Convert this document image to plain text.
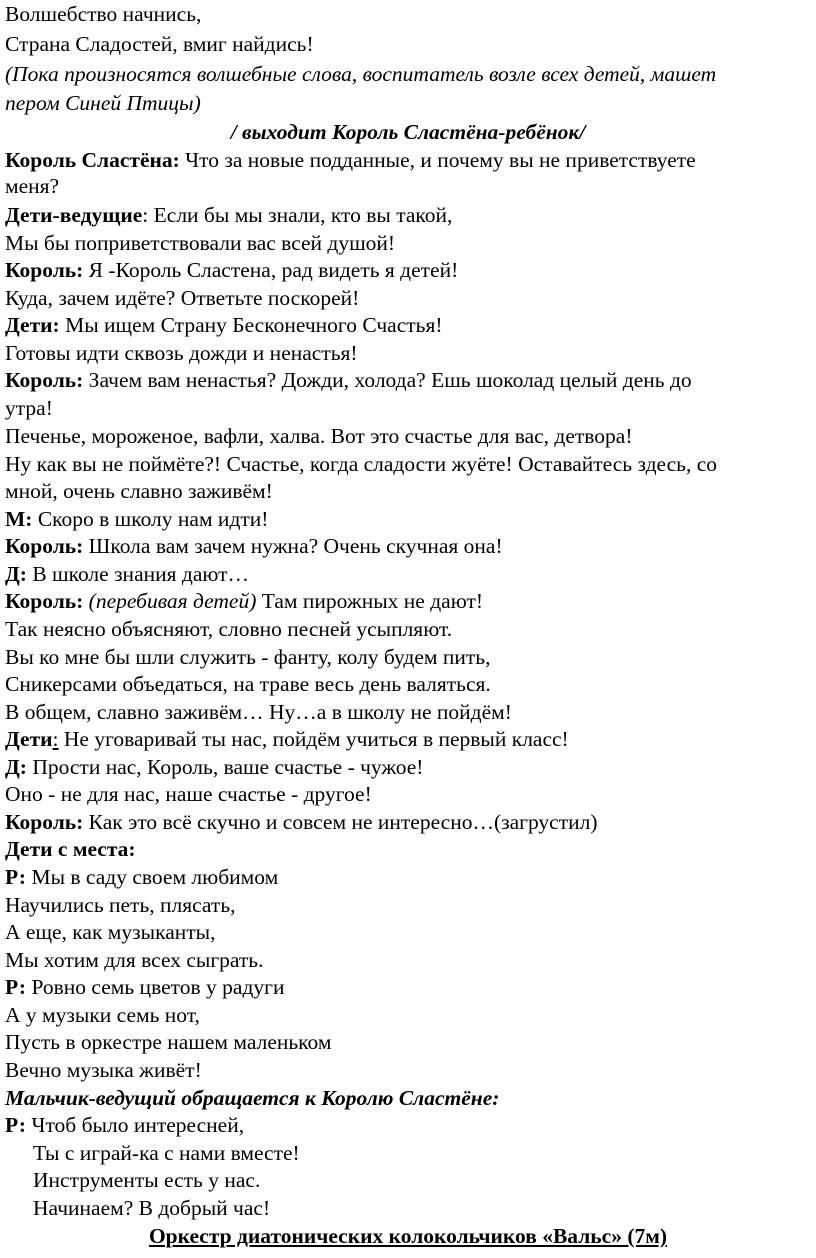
Волшебство начнись,
Страна Сладостей, вмиг найдись!
(Пока произносятся волшебные слова, воспитатель возле всех детей, машет
пером Синей Птицы)
/ выходит Король Сластёна-ребёнок/
Король Сластёна: Что за новые подданные, и почему вы не приветствуете
меня?
Дети-ведущие: Если бы мы знали, кто вы такой,
Мы бы поприветствовали вас всей душой!
Король: Я -Король Сластена, рад видеть я детей!
Куда, зачем идёте? Ответьте поскорей!
Дети: Мы ищем Страну Бесконечного Счастья!
Готовы идти сквозь дожди и ненастья!
Король: Зачем вам ненастья? Дожди, холода? Ешь шоколад целый день до
утра!
Печенье, мороженое, вафли, халва. Вот это счастье для вас, детвора!
Ну как вы не поймёте?! Счастье, когда сладости жуёте! Оставайтесь здесь, со
мной, очень славно заживём!
М: Скоро в школу нам идти!
Король: Школа вам зачем нужна? Очень скучная она!
Д: В школе знания дают…
Король: (перебивая детей) Там пирожных не дают!
Так неясно объясняют, словно песней усыпляют.
Вы ко мне бы шли служить - фанту, колу будем пить,
Сникерсами объедаться, на траве весь день валяться.
В общем, славно заживём… Ну…а в школу не пойдём!
Дети: Не уговаривай ты нас, пойдём учиться в первый класс!
Д: Прости нас, Король, ваше счастье - чужое!
Оно - не для нас, наше счастье - другое!
Король: Как это всё скучно и совсем не интересно…(загрустил)
Дети с места:
Р: Мы в саду своем любимом
Научились петь, плясать,
А еще, как музыканты,
Мы хотим для всех сыграть.
Р: Ровно семь цветов у радуги
А у музыки семь нот,
Пусть в оркестре нашем маленьком
Вечно музыка живёт!
Мальчик-ведущий обращается к Королю Сластёне:
Р: Чтоб было интересней,
Ты с играй-ка с нами вместе!
Инструменты есть у нас.
Начинаем? В добрый час!
Оркестр диатонических колокольчиков «Вальс» (7м)
